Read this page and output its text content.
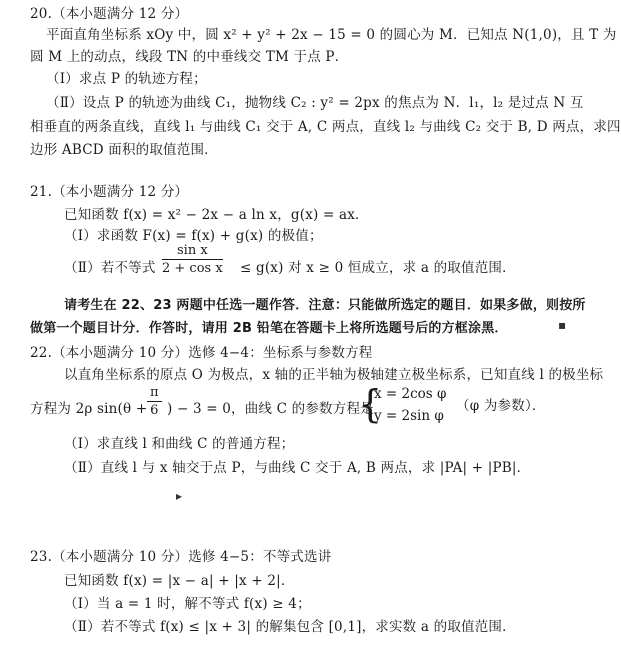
20.（本小题满分 12 分）
平面直角坐标系 xOy 中，圆 x² + y² + 2x − 15 = 0 的圆心为 M．已知点 N(1,0)，且 T 为
圆 M 上的动点，线段 TN 的中垂线交 TM 于点 P．
（Ⅰ）求点 P 的轨迹方程；
（Ⅱ）设点 P 的轨迹为曲线 C₁，抛物线 C₂ : y² = 2px 的焦点为 N．l₁，l₂ 是过点 N 互
相垂直的两条直线，直线 l₁ 与曲线 C₁ 交于 A, C 两点，直线 l₂ 与曲线 C₂ 交于 B, D 两点，求四
边形 ABCD 面积的取值范围．
21.（本小题满分 12 分）
已知函数 f(x) = x² − 2x − a ln x，g(x) = ax．
（Ⅰ）求函数 F(x) = f(x) + g(x) 的极值；
（Ⅱ）若不等式 $\frac{\text{sin x}}{\text{2 + cos x}} \le g(x)$ 对 x ≥ 0 恒成立，求 a 的取值范围．
请考生在 22、23 两题中任选一题作答．注意：只能做所选定的题目．如果多做，则按所
做第一个题目计分．作答时，请用 2B 铅笔在答题卡上将所选题号后的方框涂黑．	▪
22.（本小题满分 10 分）选修 4−4：坐标系与参数方程
以直角坐标系的原点 O 为极点，x 轴的正半轴为极轴建立极坐标系，已知直线 l 的极坐标
方程为 2ρ $\sin(\theta + \frac{\pi}{6}$ ) − 3 = 0，曲线 C 的参数方程是
{
x = 2cos φ
y = 2sin φ
（φ 为参数）．
（Ⅰ）求直线 l 和曲线 C 的普通方程；
（Ⅱ）直线 l 与 x 轴交于点 P，与曲线 C 交于 A, B 两点，求 |PA| + |PB|．
▸
23.（本小题满分 10 分）选修 4−5：不等式选讲
已知函数 f(x) = |x − a| + |x + 2|．
（Ⅰ）当 a = 1 时，解不等式 f(x) ≥ 4；
（Ⅱ）若不等式 f(x) ≤ |x + 3| 的解集包含 [0,1]，求实数 a 的取值范围．
